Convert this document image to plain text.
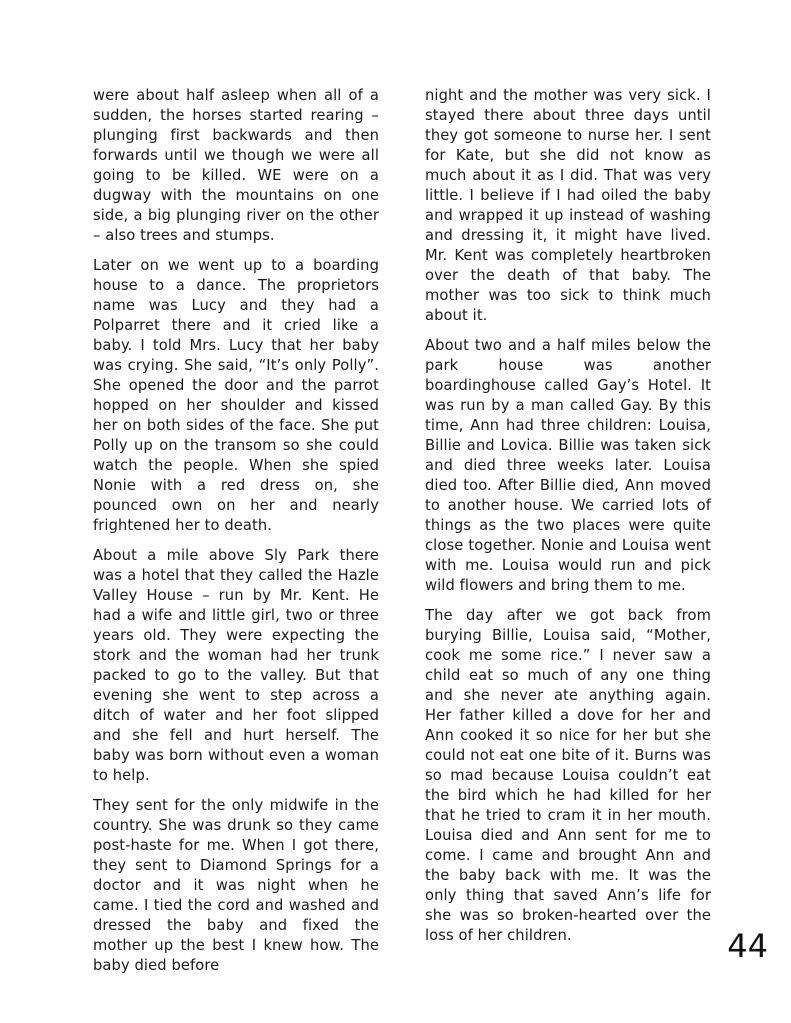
were about half asleep when all of a sudden, the horses started rearing – plunging first backwards and then forwards until we though we were all going to be killed. WE were on a dugway with the mountains on one side, a big plunging river on the other – also trees and stumps.

Later on we went up to a boarding house to a dance. The proprietors name was Lucy and they had a Polparret there and it cried like a baby. I told Mrs. Lucy that her baby was crying. She said, “It’s only Polly”. She opened the door and the parrot hopped on her shoulder and kissed her on both sides of the face. She put Polly up on the transom so she could watch the people. When she spied Nonie with a red dress on, she pounced own on her and nearly frightened her to death.

About a mile above Sly Park there was a hotel that they called the Hazle Valley House – run by Mr. Kent. He had a wife and little girl, two or three years old. They were expecting the stork and the woman had her trunk packed to go to the valley. But that evening she went to step across a ditch of water and her foot slipped and she fell and hurt herself. The baby was born without even a woman to help.

They sent for the only midwife in the country. She was drunk so they came post-haste for me. When I got there, they sent to Diamond Springs for a doctor and it was night when he came. I tied the cord and washed and dressed the baby and fixed the mother up the best I knew how. The baby died before

night and the mother was very sick. I stayed there about three days until they got someone to nurse her. I sent for Kate, but she did not know as much about it as I did. That was very little. I believe if I had oiled the baby and wrapped it up instead of washing and dressing it, it might have lived. Mr. Kent was completely heartbroken over the death of that baby. The mother was too sick to think much about it.

About two and a half miles below the park house was another boardinghouse called Gay’s Hotel. It was run by a man called Gay. By this time, Ann had three children: Louisa, Billie and Lovica. Billie was taken sick and died three weeks later. Louisa died too. After Billie died, Ann moved to another house. We carried lots of things as the two places were quite close together. Nonie and Louisa went with me. Louisa would run and pick wild flowers and bring them to me.

The day after we got back from burying Billie, Louisa said, “Mother, cook me some rice.” I never saw a child eat so much of any one thing and she never ate anything again. Her father killed a dove for her and Ann cooked it so nice for her but she could not eat one bite of it. Burns was so mad because Louisa couldn’t eat the bird which he had killed for her that he tried to cram it in her mouth. Louisa died and Ann sent for me to come. I came and brought Ann and the baby back with me. It was the only thing that saved Ann’s life for she was so broken-hearted over the loss of her children.	44
